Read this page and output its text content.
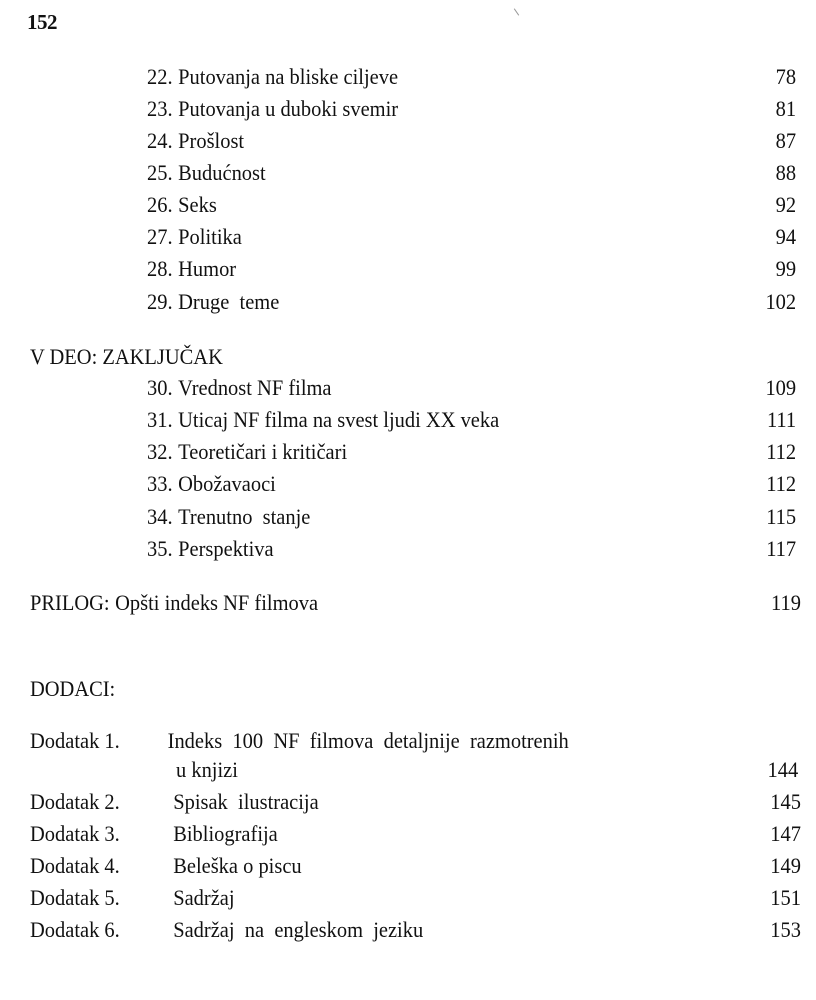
152
22. Putovanja na bliske ciljeve	78
23. Putovanja u duboki svemir	81
24. Prošlost	87
25. Budućnost	88
26. Seks	92
27. Politika	94
28. Humor	99
29. Druge  teme	102
V DEO: ZAKLJUČAK
30. Vrednost NF filma	109
31. Uticaj NF filma na svest ljudi XX veka	111
32. Teoretičari i kritičari	112
33. Obožavaoci	112
34. Trenutno  stanje	115
35. Perspektiva	117
PRILOG: Opšti indeks NF filmova	119
DODACI:
Dodatak 1. Indeks  100  NF  filmova  detaljnije  razmotrenih
u knjizi	144
Dodatak 2.	Spisak  ilustracija	145
Dodatak 3.	Bibliografija	147
Dodatak 4.	Beleška o piscu	149
Dodatak 5.	Sadržaj	151
Dodatak 6.	Sadržaj  na  engleskom  jeziku	153
